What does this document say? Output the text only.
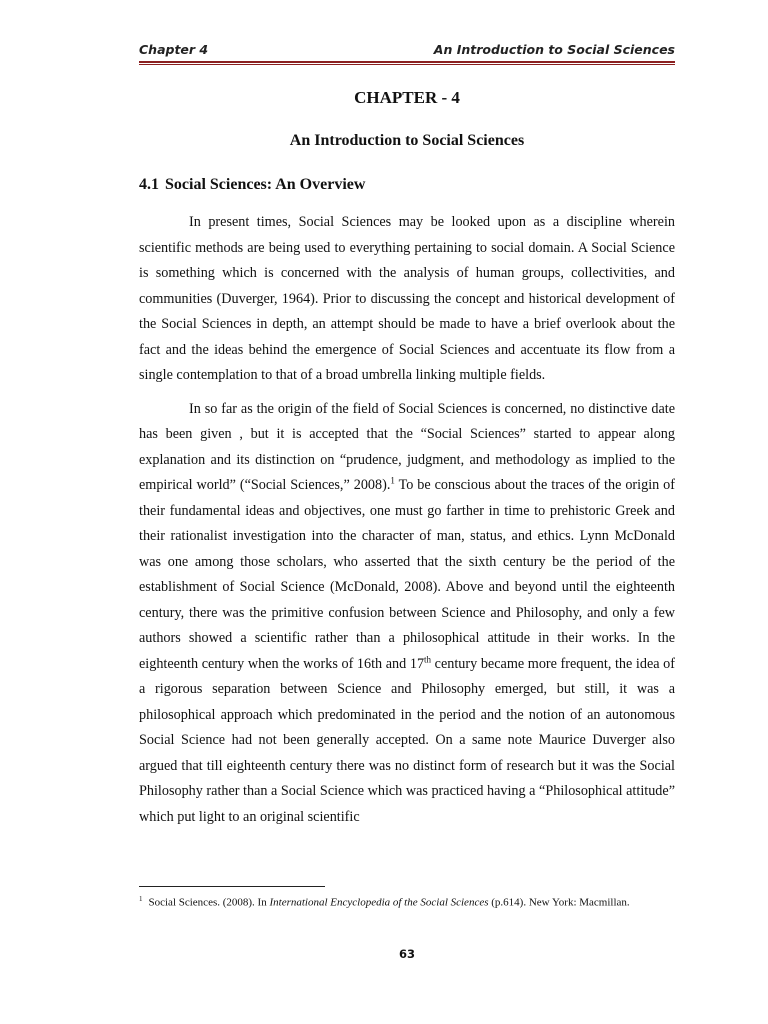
Chapter 4	An Introduction to Social Sciences
CHAPTER - 4
An Introduction to Social Sciences
4.1 Social Sciences: An Overview

In present times, Social Sciences may be looked upon as a discipline wherein scientific methods are being used to everything pertaining to social domain. A Social Science is something which is concerned with the analysis of human groups, collectivities, and communities (Duverger, 1964). Prior to discussing the concept and historical development of the Social Sciences in depth, an attempt should be made to have a brief overlook about the fact and the ideas behind the emergence of Social Sciences and accentuate its flow from a single contemplation to that of a broad umbrella linking multiple fields.

In so far as the origin of the field of Social Sciences is concerned, no distinctive date has been given , but it is accepted that the “Social Sciences” started to appear along explanation and its distinction on “prudence, judgment, and methodology as implied to the empirical world” (“Social Sciences,” 2008).$^1$ To be conscious about the traces of the origin of their fundamental ideas and objectives, one must go farther in time to prehistoric Greek and their rationalist investigation into the character of man, status, and ethics. Lynn McDonald was one among those scholars, who asserted that the sixth century be the period of the establishment of Social Science (McDonald, 2008). Above and beyond until the eighteenth century, there was the primitive confusion between Science and Philosophy, and only a few authors showed a scientific rather than a philosophical attitude in their works. In the eighteenth century when the works of 16th and 17th century became more frequent, the idea of a rigorous separation between Science and Philosophy emerged, but still, it was a philosophical approach which predominated in the period and the notion of an autonomous Social Science had not been generally accepted. On a same note Maurice Duverger also argued that till eighteenth century there was no distinct form of research but it was the Social Philosophy rather than a Social Science which was practiced having a “Philosophical attitude” which put light to an original scientific

$^1$ Social Sciences. (2008). In International Encyclopedia of the Social Sciences (p.614). New York: Macmillan.
63
